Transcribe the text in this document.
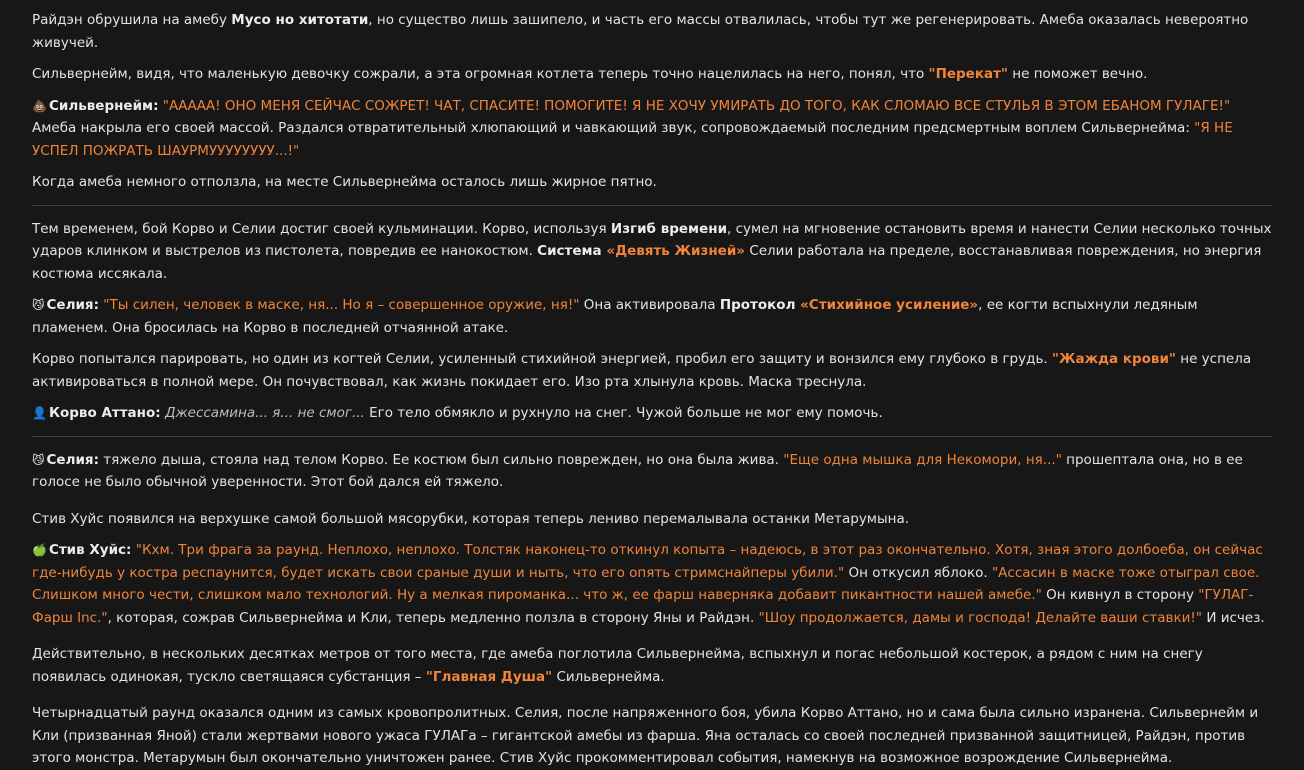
Райдэн обрушила на амебу Мусо но хитотати, но существо лишь зашипело, и часть его массы отвалилась, чтобы тут же регенерировать. Амеба оказалась невероятно живучей.

Сильвернейм, видя, что маленькую девочку сожрали, а эта огромная котлета теперь точно нацелилась на него, понял, что "Перекат" не поможет вечно.

💩 Сильвернейм: "ААААА! ОНО МЕНЯ СЕЙЧАС СОЖРЕТ! ЧАТ, СПАСИТЕ! ПОМОГИТЕ! Я НЕ ХОЧУ УМИРАТЬ ДО ТОГО, КАК СЛОМАЮ ВСЕ СТУЛЬЯ В ЭТОМ ЕБАНОМ ГУЛАГЕ!" Амеба накрыла его своей массой. Раздался отвратительный хлюпающий и чавкающий звук, сопровождаемый последним предсмертным воплем Сильвернейма: "Я НЕ УСПЕЛ ПОЖРАТЬ ШАУРМУУУУУУУУ...!"

Когда амеба немного отползла, на месте Сильвернейма осталось лишь жирное пятно.

Тем временем, бой Корво и Селии достиг своей кульминации. Корво, используя Изгиб времени, сумел на мгновение остановить время и нанести Селии несколько точных ударов клинком и выстрелов из пистолета, повредив ее нанокостюм. Система «Девять Жизней» Селии работала на пределе, восстанавливая повреждения, но энергия костюма иссякала.

😼 Селия: "Ты силен, человек в маске, ня... Но я – совершенное оружие, ня!" Она активировала Протокол «Стихийное усиление», ее когти вспыхнули ледяным пламенем. Она бросилась на Корво в последней отчаянной атаке.

Корво попытался парировать, но один из когтей Селии, усиленный стихийной энергией, пробил его защиту и вонзился ему глубоко в грудь. "Жажда крови" не успела активироваться в полной мере. Он почувствовал, как жизнь покидает его. Изо рта хлынула кровь. Маска треснула.

👤 Корво Аттано: Джессамина... я... не смог... Его тело обмякло и рухнуло на снег. Чужой больше не мог ему помочь.

😼 Селия: тяжело дыша, стояла над телом Корво. Ее костюм был сильно поврежден, но она была жива. "Еще одна мышка для Некомори, ня..." прошептала она, но в ее голосе не было обычной уверенности. Этот бой дался ей тяжело.

Стив Хуйс появился на верхушке самой большой мясорубки, которая теперь лениво перемалывала останки Метарумына.

🍏 Стив Хуйс: "Кхм. Три фрага за раунд. Неплохо, неплохо. Толстяк наконец-то откинул копыта – надеюсь, в этот раз окончательно. Хотя, зная этого долбоеба, он сейчас где-нибудь у костра респаунится, будет искать свои сраные души и ныть, что его опять стримснайперы убили." Он откусил яблоко. "Ассасин в маске тоже отыграл свое. Слишком много чести, слишком мало технологий. Ну а мелкая пироманка... что ж, ее фарш наверняка добавит пикантности нашей амебе." Он кивнул в сторону "ГУЛАГ-Фарш Inc.", которая, сожрав Сильвернейма и Кли, теперь медленно ползла в сторону Яны и Райдэн. "Шоу продолжается, дамы и господа! Делайте ваши ставки!" И исчез.

Действительно, в нескольких десятках метров от того места, где амеба поглотила Сильвернейма, вспыхнул и погас небольшой костерок, а рядом с ним на снегу появилась одинокая, тускло светящаяся субстанция – "Главная Душа" Сильвернейма.

Четырнадцатый раунд оказался одним из самых кровопролитных. Селия, после напряженного боя, убила Корво Аттано, но и сама была сильно изранена. Сильвернейм и Кли (призванная Яной) стали жертвами нового ужаса ГУЛАГа – гигантской амебы из фарша. Яна осталась со своей последней призванной защитницей, Райдэн, против этого монстра. Метарумын был окончательно уничтожен ранее. Стив Хуйс прокомментировал события, намекнув на возможное возрождение Сильвернейма.
